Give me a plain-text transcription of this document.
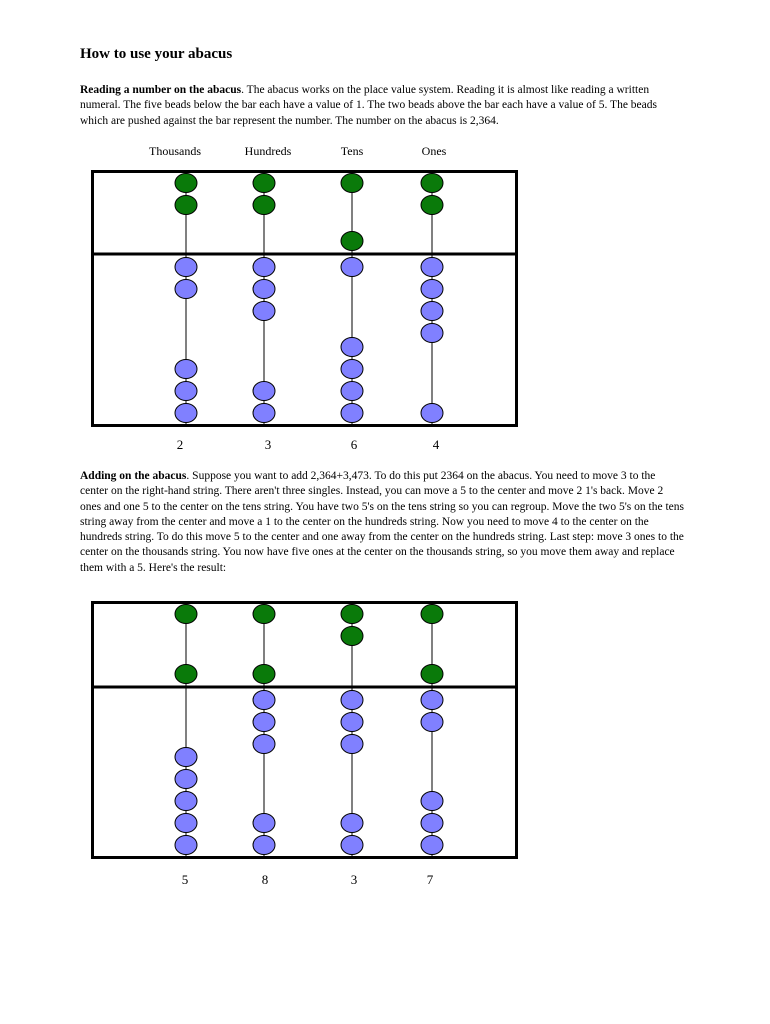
How to use your abacus

Reading a number on the abacus. The abacus works on the place value system. Reading it is almost like reading a written numeral. The five beads below the bar each have a value of 1. The two beads above the bar each have a value of 5. The beads which are pushed against the bar represent the number. The number on the abacus is 2,364.

Thousands	Hundreds	Tens	Ones
2	3	6	4

Adding on the abacus. Suppose you want to add 2,364+3,473. To do this put 2364 on the abacus. You need to move 3 to the center on the right-hand string. There aren't three singles. Instead, you can move a 5 to the center and move 2 1's back. Move 2 ones and one 5 to the center on the tens string. You have two 5's on the tens string so you can regroup. Move the two 5's on the tens string away from the center and move a 1 to the center on the hundreds string. Now you need to move 4 to the center on the hundreds string. To do this move 5 to the center and one away from the center on the hundreds string. Last step: move 3 ones to the center on the thousands string. You now have five ones at the center on the thousands string, so you move them away and replace them with a 5. Here's the result:

5	8	3	7
